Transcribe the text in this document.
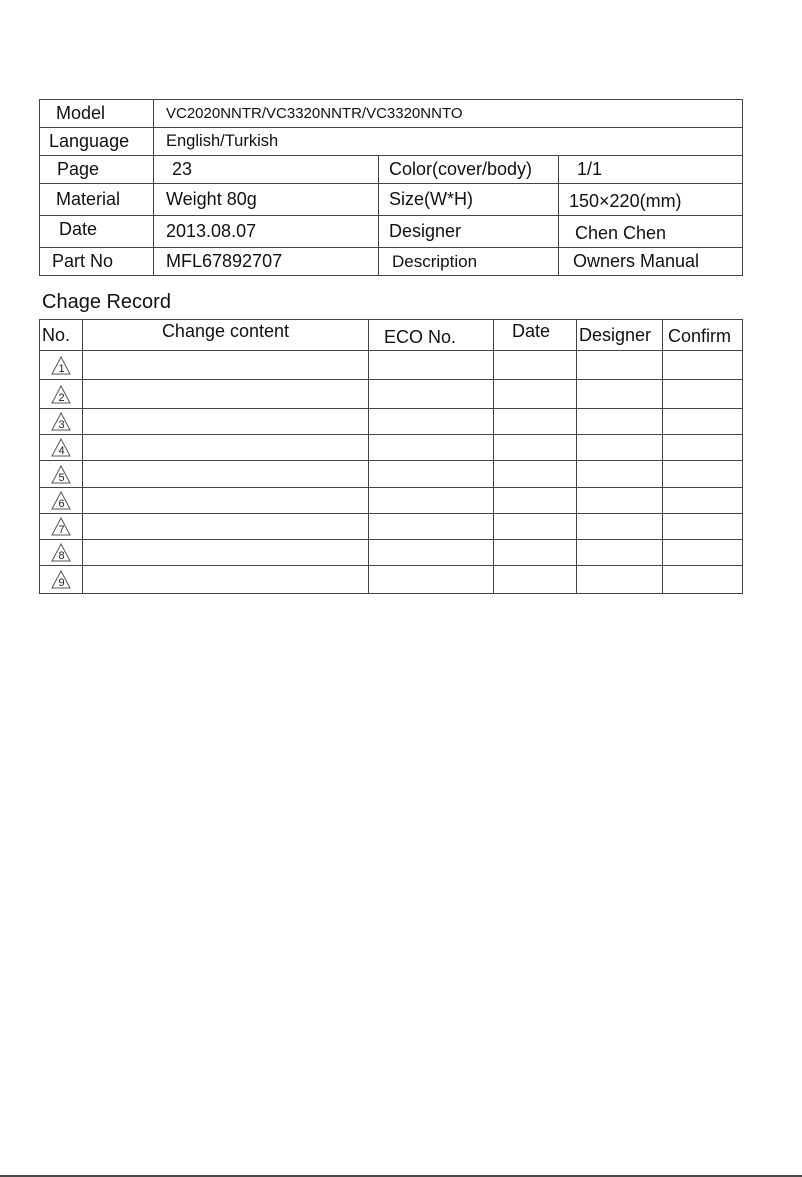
Model	VC2020NNTR/VC3320NNTR/VC3320NNTO		
Language	English/Turkish		
Page	23	Color(cover/body)	1/1
Material	Weight 80g	Size(W*H)	150×220(mm)
Date	2013.08.07	Designer	Chen Chen
Part No	MFL67892707	Description	Owners Manual
Chage Record
No.	Change content	ECO No.	Date	Designer	Confirm

1					

2					

3					

4					

5					

6					

7					

8					

9					
